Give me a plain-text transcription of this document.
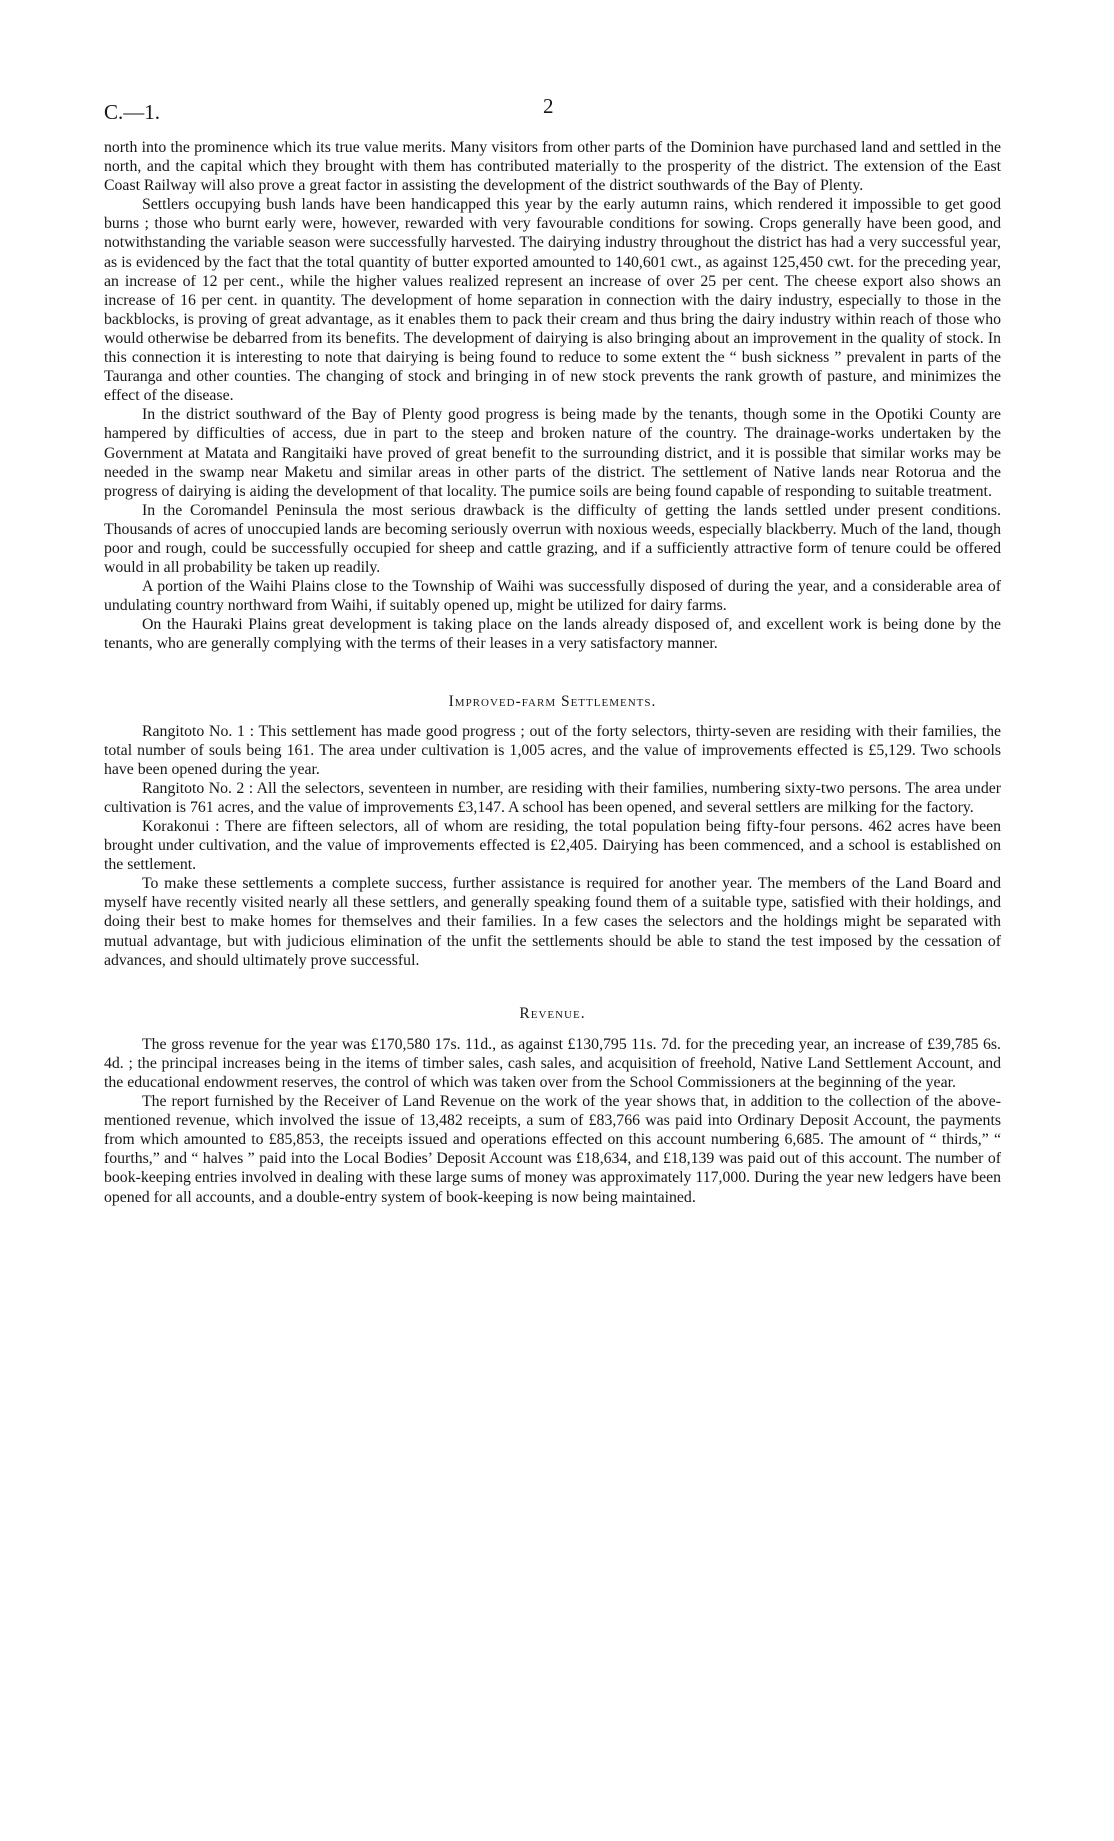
C.—1.	2

north into the prominence which its true value merits. Many visitors from other parts of the Dominion have purchased land and settled in the north, and the capital which they brought with them has contributed materially to the prosperity of the district. The extension of the East Coast Railway will also prove a great factor in assisting the development of the district southwards of the Bay of Plenty.

Settlers occupying bush lands have been handicapped this year by the early autumn rains, which rendered it impossible to get good burns ; those who burnt early were, however, rewarded with very favourable conditions for sowing. Crops generally have been good, and notwithstanding the variable season were successfully harvested. The dairying industry throughout the district has had a very successful year, as is evidenced by the fact that the total quantity of butter exported amounted to 140,601 cwt., as against 125,450 cwt. for the preceding year, an increase of 12 per cent., while the higher values realized represent an increase of over 25 per cent. The cheese export also shows an increase of 16 per cent. in quantity. The development of home separation in connection with the dairy industry, especially to those in the backblocks, is proving of great advantage, as it enables them to pack their cream and thus bring the dairy industry within reach of those who would otherwise be debarred from its benefits. The development of dairying is also bringing about an improvement in the quality of stock. In this connection it is interesting to note that dairying is being found to reduce to some extent the “ bush sickness ” prevalent in parts of the Tauranga and other counties. The changing of stock and bringing in of new stock prevents the rank growth of pasture, and minimizes the effect of the disease.

In the district southward of the Bay of Plenty good progress is being made by the tenants, though some in the Opotiki County are hampered by difficulties of access, due in part to the steep and broken nature of the country. The drainage-works undertaken by the Government at Matata and Rangitaiki have proved of great benefit to the surrounding district, and it is possible that similar works may be needed in the swamp near Maketu and similar areas in other parts of the district. The settlement of Native lands near Rotorua and the progress of dairying is aiding the development of that locality. The pumice soils are being found capable of responding to suitable treatment.

In the Coromandel Peninsula the most serious drawback is the difficulty of getting the lands settled under present conditions. Thousands of acres of unoccupied lands are becoming seriously overrun with noxious weeds, especially blackberry. Much of the land, though poor and rough, could be successfully occupied for sheep and cattle grazing, and if a sufficiently attractive form of tenure could be offered would in all probability be taken up readily.

A portion of the Waihi Plains close to the Township of Waihi was successfully disposed of during the year, and a considerable area of undulating country northward from Waihi, if suitably opened up, might be utilized for dairy farms.

On the Hauraki Plains great development is taking place on the lands already disposed of, and excellent work is being done by the tenants, who are generally complying with the terms of their leases in a very satisfactory manner.

Improved-farm Settlements.

Rangitoto No. 1 : This settlement has made good progress ; out of the forty selectors, thirty-seven are residing with their families, the total number of souls being 161. The area under cultivation is 1,005 acres, and the value of improvements effected is £5,129. Two schools have been opened during the year.

Rangitoto No. 2 : All the selectors, seventeen in number, are residing with their families, numbering sixty-two persons. The area under cultivation is 761 acres, and the value of improvements £3,147. A school has been opened, and several settlers are milking for the factory.

Korakonui : There are fifteen selectors, all of whom are residing, the total population being fifty-four persons. 462 acres have been brought under cultivation, and the value of improvements effected is £2,405. Dairying has been commenced, and a school is established on the settlement.

To make these settlements a complete success, further assistance is required for another year. The members of the Land Board and myself have recently visited nearly all these settlers, and generally speaking found them of a suitable type, satisfied with their holdings, and doing their best to make homes for themselves and their families. In a few cases the selectors and the holdings might be separated with mutual advantage, but with judicious elimination of the unfit the settlements should be able to stand the test imposed by the cessation of advances, and should ultimately prove successful.

Revenue.

The gross revenue for the year was £170,580 17s. 11d., as against £130,795 11s. 7d. for the preceding year, an increase of £39,785 6s. 4d. ; the principal increases being in the items of timber sales, cash sales, and acquisition of freehold, Native Land Settlement Account, and the educational endowment reserves, the control of which was taken over from the School Commissioners at the beginning of the year.

The report furnished by the Receiver of Land Revenue on the work of the year shows that, in addition to the collection of the above-mentioned revenue, which involved the issue of 13,482 receipts, a sum of £83,766 was paid into Ordinary Deposit Account, the payments from which amounted to £85,853, the receipts issued and operations effected on this account numbering 6,685. The amount of “ thirds,” “ fourths,” and “ halves ” paid into the Local Bodies’ Deposit Account was £18,634, and £18,139 was paid out of this account. The number of book-keeping entries involved in dealing with these large sums of money was approximately 117,000. During the year new ledgers have been opened for all accounts, and a double-entry system of book-keeping is now being maintained.
